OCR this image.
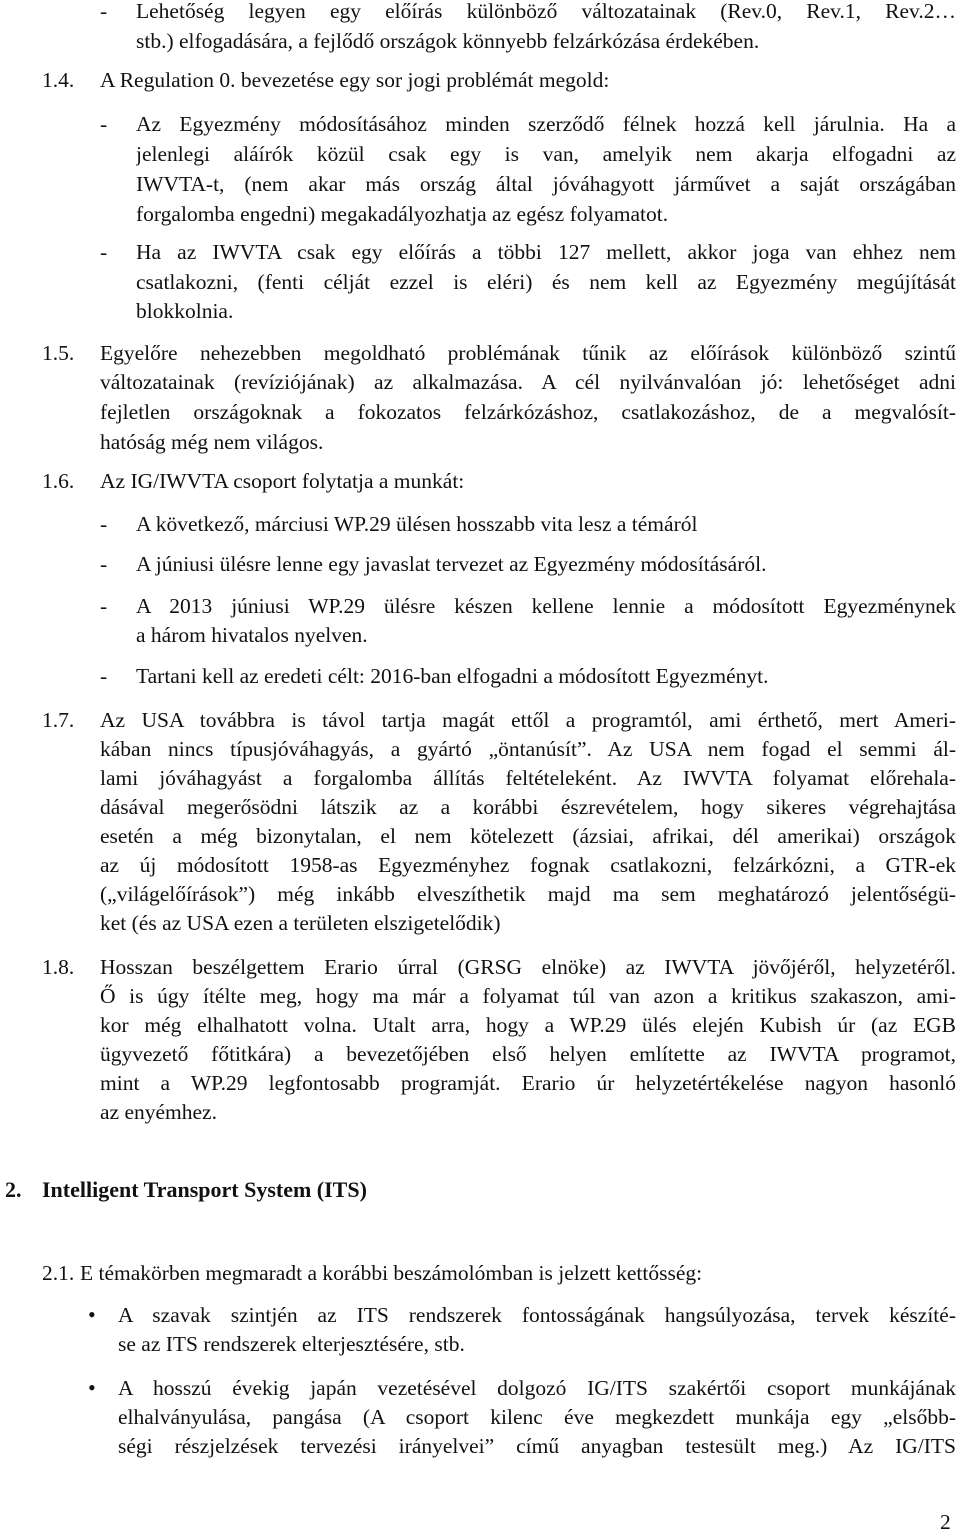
- Lehetőség legyen egy előírás különböző változatainak (Rev.0, Rev.1, Rev.2…
stb.) elfogadására, a fejlődő országok könnyebb felzárkózása érdekében.
1.4. A Regulation 0. bevezetése egy sor jogi problémát megold:
- Az Egyezmény módosításához minden szerződő félnek hozzá kell járulnia. Ha a
jelenlegi aláírók közül csak egy is van, amelyik nem akarja elfogadni az
IWVTA-t, (nem akar más ország által jóváhagyott járművet a saját országában
forgalomba engedni) megakadályozhatja az egész folyamatot.
- Ha az IWVTA csak egy előírás a többi 127 mellett, akkor joga van ehhez nem
csatlakozni, (fenti célját ezzel is eléri) és nem kell az Egyezmény megújítását
blokkolnia.
1.5. Egyelőre nehezebben megoldható problémának tűnik az előírások különböző szintű
változatainak (revíziójának) az alkalmazása. A cél nyilvánvalóan jó: lehetőséget adni
fejletlen országoknak a fokozatos felzárkózáshoz, csatlakozáshoz, de a megvalósít-
hatóság még nem világos.
1.6. Az IG/IWVTA csoport folytatja a munkát:
- A következő, márciusi WP.29 ülésen hosszabb vita lesz a témáról
- A júniusi ülésre lenne egy javaslat tervezet az Egyezmény módosításáról.
- A 2013 júniusi WP.29 ülésre készen kellene lennie a módosított Egyezménynek
a három hivatalos nyelven.
- Tartani kell az eredeti célt: 2016-ban elfogadni a módosított Egyezményt.
1.7. Az USA továbbra is távol tartja magát ettől a programtól, ami érthető, mert Ameri-
kában nincs típusjóváhagyás, a gyártó „öntanúsít”. Az USA nem fogad el semmi ál-
lami jóváhagyást a forgalomba állítás feltételeként. Az IWVTA folyamat előrehala-
dásával megerősödni látszik az a korábbi észrevételem, hogy sikeres végrehajtása
esetén a még bizonytalan, el nem kötelezett (ázsiai, afrikai, dél amerikai) országok
az új módosított 1958-as Egyezményhez fognak csatlakozni, felzárkózni, a GTR-ek
(„világelőírások”) még inkább elveszíthetik majd ma sem meghatározó jelentőségü-
ket (és az USA ezen a területen elszigetelődik)
1.8. Hosszan beszélgettem Erario úrral (GRSG elnöke) az IWVTA jövőjéről, helyzetéről.
Ő is úgy ítélte meg, hogy ma már a folyamat túl van azon a kritikus szakaszon, ami-
kor még elhalhatott volna. Utalt arra, hogy a WP.29 ülés elején Kubish úr (az EGB
ügyvezető főtitkára) a bevezetőjében első helyen említette az IWVTA programot,
mint a WP.29 legfontosabb programját. Erario úr helyzetértékelése nagyon hasonló
az enyémhez.
2. Intelligent Transport System (ITS)
2.1. E témakörben megmaradt a korábbi beszámolómban is jelzett kettősség:
• A szavak szintjén az ITS rendszerek fontosságának hangsúlyozása, tervek készíté-
se az ITS rendszerek elterjesztésére, stb.
• A hosszú évekig japán vezetésével dolgozó IG/ITS szakértői csoport munkájának
elhalványulása, pangása (A csoport kilenc éve megkezdett munkája egy „elsőbb-
ségi részjelzések tervezési irányelvei” című anyagban testesült meg.) Az IG/ITS
2
